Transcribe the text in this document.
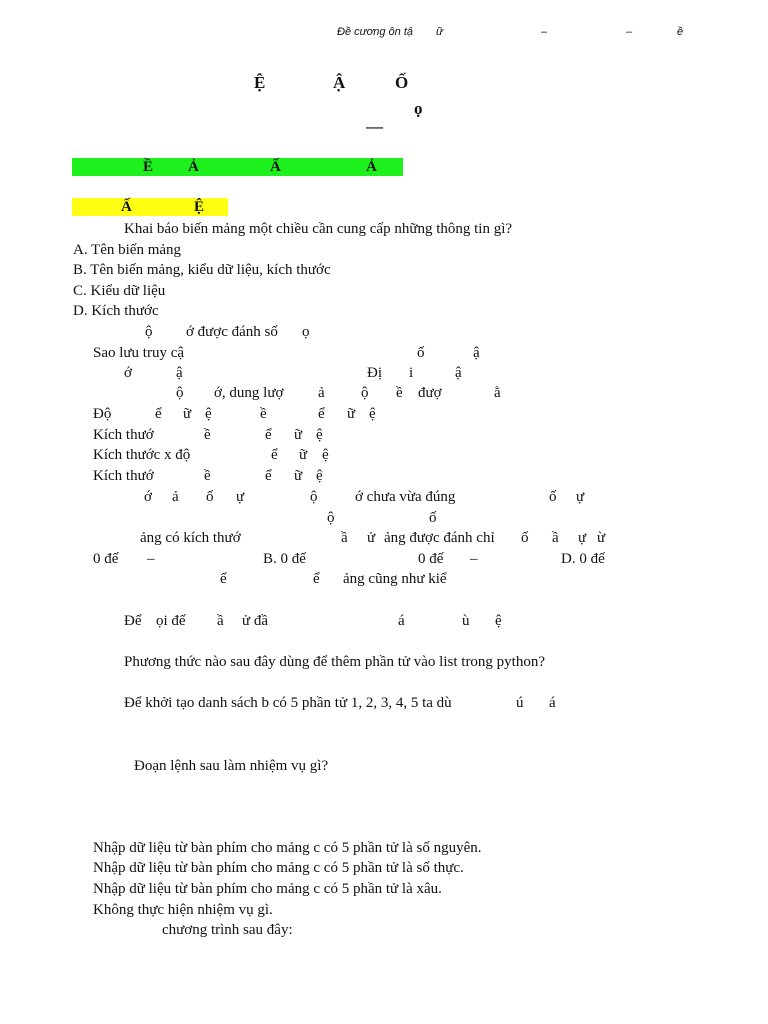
Đề cương ôn tậ ữ	–	–	ề
Ệ	Ậ	Ố
ọ
—
Ề Ả	Ấ	Ả
Ấ	Ệ
Khai báo biến mảng một chiều cần cung cấp những thông tin gì?
A. Tên biến mảng
B. Tên biến mảng, kiểu dữ liệu, kích thước
C. Kiểu dữ liệu
D. Kích thước
ộ ớ được đánh số ọ
Sao lưu truy cậ	ố	ậ
ớ	ậ	Đị i	ậ
ộ ớ, dung lượ ả ộ ề đượ	ằ
Độ	ể ữ ệ	ề	ể ữ ệ
Kích thướ	ề	ể ữ ệ
Kích thước x độ	ể ữ ệ
Kích thướ	ề	ể ữ ệ
ớ ả ố ự	ộ	ớ chưa vừa đúng	ố ự
ộ	ố
ảng có kích thướ	ầ ử ảng được đánh chỉ ố ầ ự ừ
0 đế –	B. 0 đế	0 đế –	D. 0 đế
ể	ể ảng cũng như kiể
Để ọi đế ầ ử đầ	á	ù ệ
Phương thức nào sau đây dùng để thêm phần tử vào list trong python?
Để khởi tạo danh sách b có 5 phần tử 1, 2, 3, 4, 5 ta dù	ú á
Đoạn lệnh sau làm nhiệm vụ gì?
Nhập dữ liệu từ bàn phím cho mảng c có 5 phần tử là số nguyên.
Nhập dữ liệu từ bàn phím cho mảng c có 5 phần tử là số thực.
Nhập dữ liệu từ bàn phím cho mảng c có 5 phần tử là xâu.
Không thực hiện nhiệm vụ gì.
chương trình sau đây:
